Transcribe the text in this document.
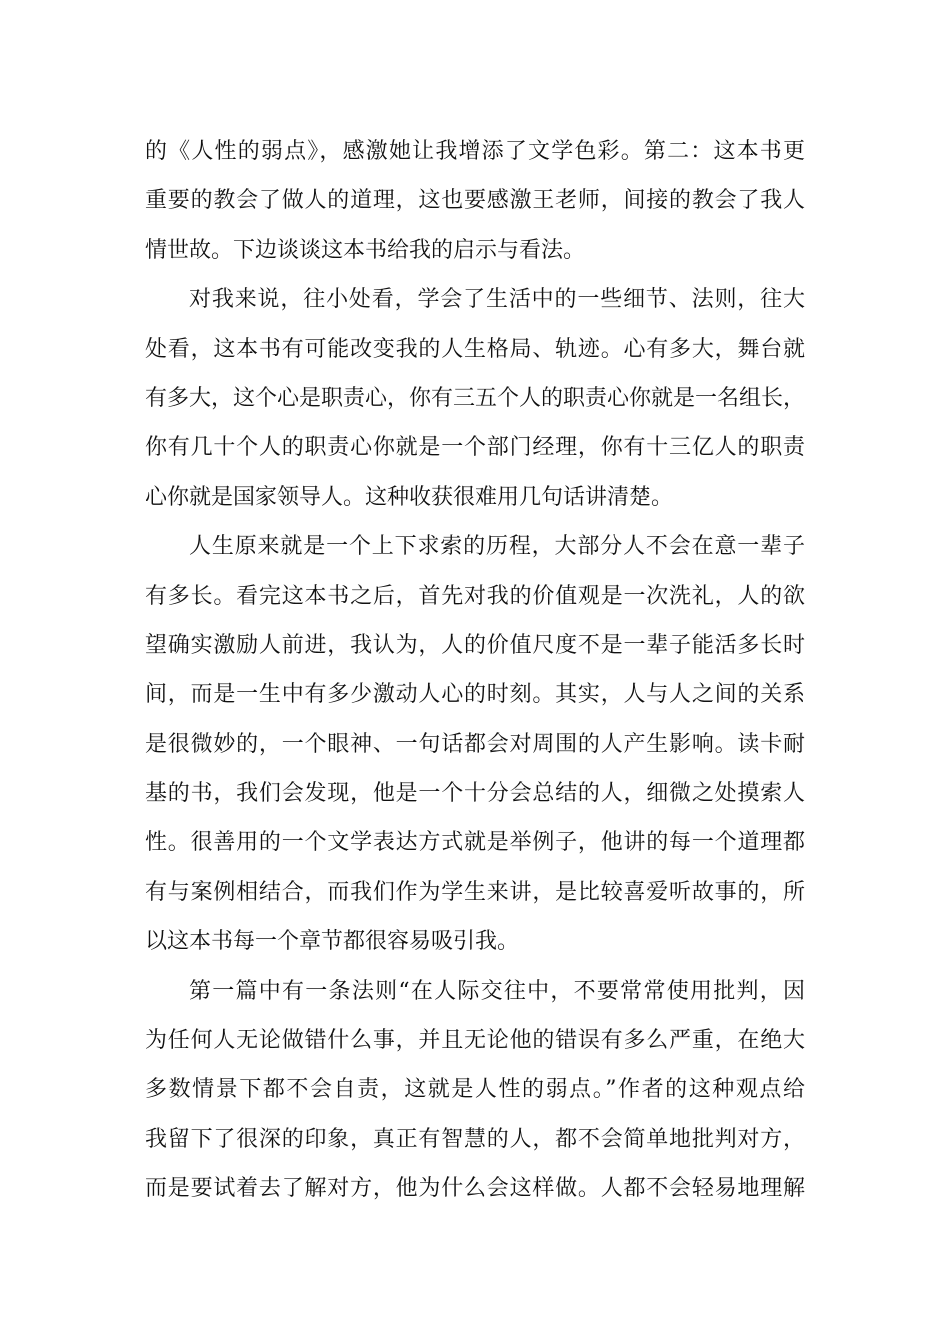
的《人性的弱点》，感激她让我增添了文学色彩。第二：这本书更
重要的教会了做人的道理，这也要感激王老师，间接的教会了我人
情世故。下边谈谈这本书给我的启示与看法。
对我来说，往小处看，学会了生活中的一些细节、法则，往大
处看，这本书有可能改变我的人生格局、轨迹。心有多大，舞台就
有多大，这个心是职责心，你有三五个人的职责心你就是一名组长，
你有几十个人的职责心你就是一个部门经理，你有十三亿人的职责
心你就是国家领导人。这种收获很难用几句话讲清楚。
人生原来就是一个上下求索的历程，大部分人不会在意一辈子
有多长。看完这本书之后，首先对我的价值观是一次洗礼，人的欲
望确实激励人前进，我认为，人的价值尺度不是一辈子能活多长时
间，而是一生中有多少激动人心的时刻。其实，人与人之间的关系
是很微妙的，一个眼神、一句话都会对周围的人产生影响。读卡耐
基的书，我们会发现，他是一个十分会总结的人，细微之处摸索人
性。很善用的一个文学表达方式就是举例子，他讲的每一个道理都
有与案例相结合，而我们作为学生来讲，是比较喜爱听故事的，所
以这本书每一个章节都很容易吸引我。
第一篇中有一条法则“在人际交往中，不要常常使用批判，因
为任何人无论做错什么事，并且无论他的错误有多么严重，在绝大
多数情景下都不会自责，这就是人性的弱点。”作者的这种观点给
我留下了很深的印象，真正有智慧的人，都不会简单地批判对方，
而是要试着去了解对方，他为什么会这样做。人都不会轻易地理解
